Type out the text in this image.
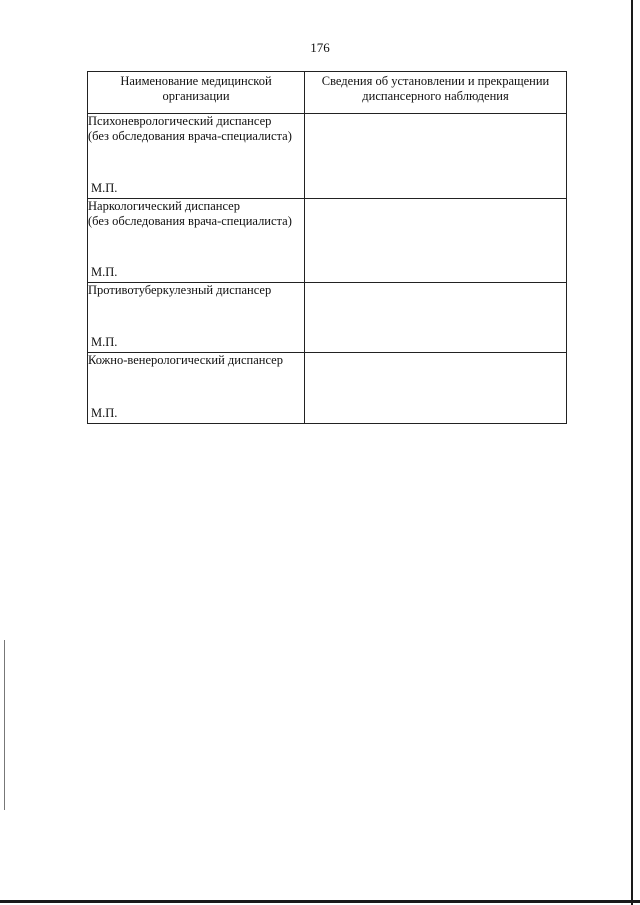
176
Наименование медицинской организации	Сведения об установлении и прекращении диспансерного наблюдения

Психоневрологический диспансер
(без обследования врача-специалиста)
М.П.	

Наркологический диспансер
(без обследования врача-специалиста)
М.П.	

Противотуберкулезный диспансер
М.П.	

Кожно-венерологический диспансер
М.П.	
